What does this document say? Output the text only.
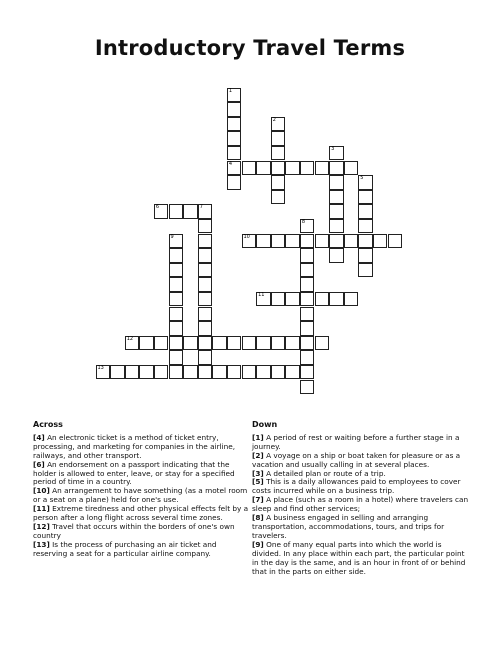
Introductory Travel Terms
1
4
2
3
5
6	7
8
9	10
11
12
13
Across

[4] An electronic ticket is a method of ticket entry, processing, and marketing for companies in the airline, railways, and other transport.

[6] An endorsement on a passport indicating that the holder is allowed to enter, leave, or stay for a specified period of time in a country.

[10] An arrangement to have something (as a motel room or a seat on a plane) held for one's use.

[11] Extreme tiredness and other physical effects felt by a person after a long flight across several time zones.

[12] Travel that occurs within the borders of one's own country

[13] Is the process of purchasing an air ticket and reserving a seat for a particular airline company.

Down

[1] A period of rest or waiting before a further stage in a journey.

[2] A voyage on a ship or boat taken for pleasure or as a vacation and usually calling in at several places.

[3] A detailed plan or route of a trip.

[5] This is a daily allowances paid to employees to cover costs incurred while on a business trip.

[7] A place (such as a room in a hotel) where travelers can sleep and find other services;

[8] A business engaged in selling and arranging transportation, accommodations, tours, and trips for travelers.

[9] One of many equal parts into which the world is divided. In any place within each part, the particular point in the day is the same, and is an hour in front of or behind that in the parts on either side.
